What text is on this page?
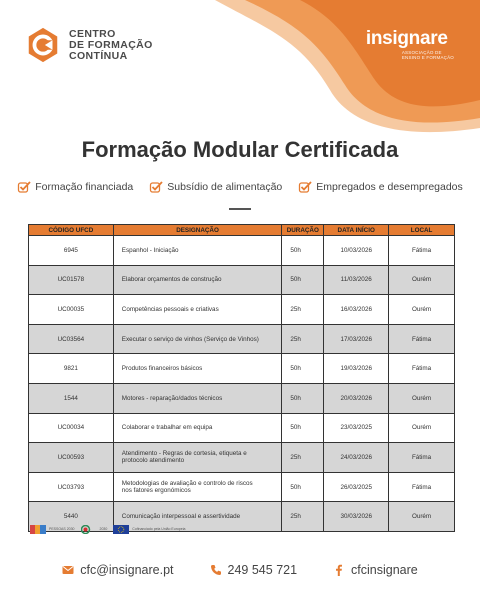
CENTRO
DE FORMAÇÃO
CONTÍNUA
insignare
ASSOCIAÇÃO DE
ENSINO E FORMAÇÃO
Formação Modular Certificada
Formação financiada	Subsídio de alimentação	Empregados e desempregados
CÓDIGO UFCD	DESIGNAÇÃO	DURAÇÃO	DATA INÍCIO	LOCAL
6945	Espanhol - Iniciação	50h	10/03/2026	Fátima
UC01578	Elaborar orçamentos de construção	50h	11/03/2026	Ourém
UC00035	Competências pessoais e criativas	25h	16/03/2026	Ourém
UC03564	Executar o serviço de vinhos (Serviço de Vinhos)	25h	17/03/2026	Fátima
9821	Produtos financeiros básicos	50h	19/03/2026	Fátima
1544	Motores - reparação/dados técnicos	50h	20/03/2026	Ourém
UC00034	Colaborar e trabalhar em equipa	50h	23/03/2025	Ourém
UC00593	Atendimento - Regras de cortesia, etiqueta e
protocolo atendimento	25h	24/03/2026	Fátima
UC03793	Metodologias de avaliação e controlo de riscos
nos fatores ergonómicos	50h	26/03/2025	Fátima
5440	Comunicação interpessoal e assertividade	25h	30/03/2026	Ourém
PESSOAS 2030	2030	Cofinanciado pela União Europeia
cfc@insignare.pt	249 545 721	cfcinsignare
